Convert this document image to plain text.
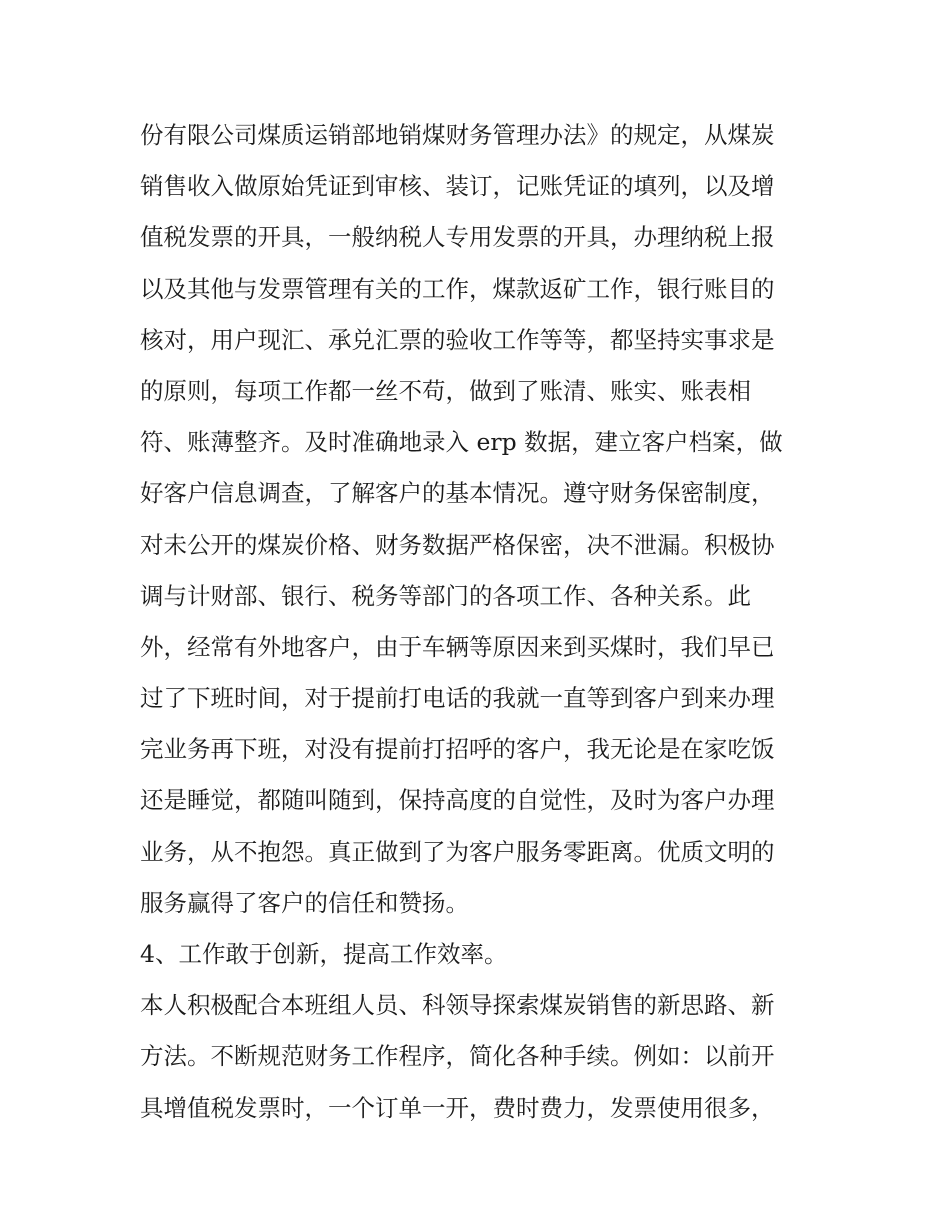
份有限公司煤质运销部地销煤财务管理办法》的规定，从煤炭
销售收入做原始凭证到审核、装订，记账凭证的填列，以及增
值税发票的开具，一般纳税人专用发票的开具，办理纳税上报
以及其他与发票管理有关的工作，煤款返矿工作，银行账目的
核对，用户现汇、承兑汇票的验收工作等等，都坚持实事求是
的原则，每项工作都一丝不苟，做到了账清、账实、账表相
符、账薄整齐。及时准确地录入 erp 数据，建立客户档案，做
好客户信息调查，了解客户的基本情况。遵守财务保密制度，
对未公开的煤炭价格、财务数据严格保密，决不泄漏。积极协
调与计财部、银行、税务等部门的各项工作、各种关系。此
外，经常有外地客户，由于车辆等原因来到买煤时，我们早已
过了下班时间，对于提前打电话的我就一直等到客户到来办理
完业务再下班，对没有提前打招呼的客户，我无论是在家吃饭
还是睡觉，都随叫随到，保持高度的自觉性，及时为客户办理
业务，从不抱怨。真正做到了为客户服务零距离。优质文明的
服务赢得了客户的信任和赞扬。
4、工作敢于创新，提高工作效率。
本人积极配合本班组人员、科领导探索煤炭销售的新思路、新
方法。不断规范财务工作程序，简化各种手续。例如：以前开
具增值税发票时，一个订单一开，费时费力，发票使用很多，
